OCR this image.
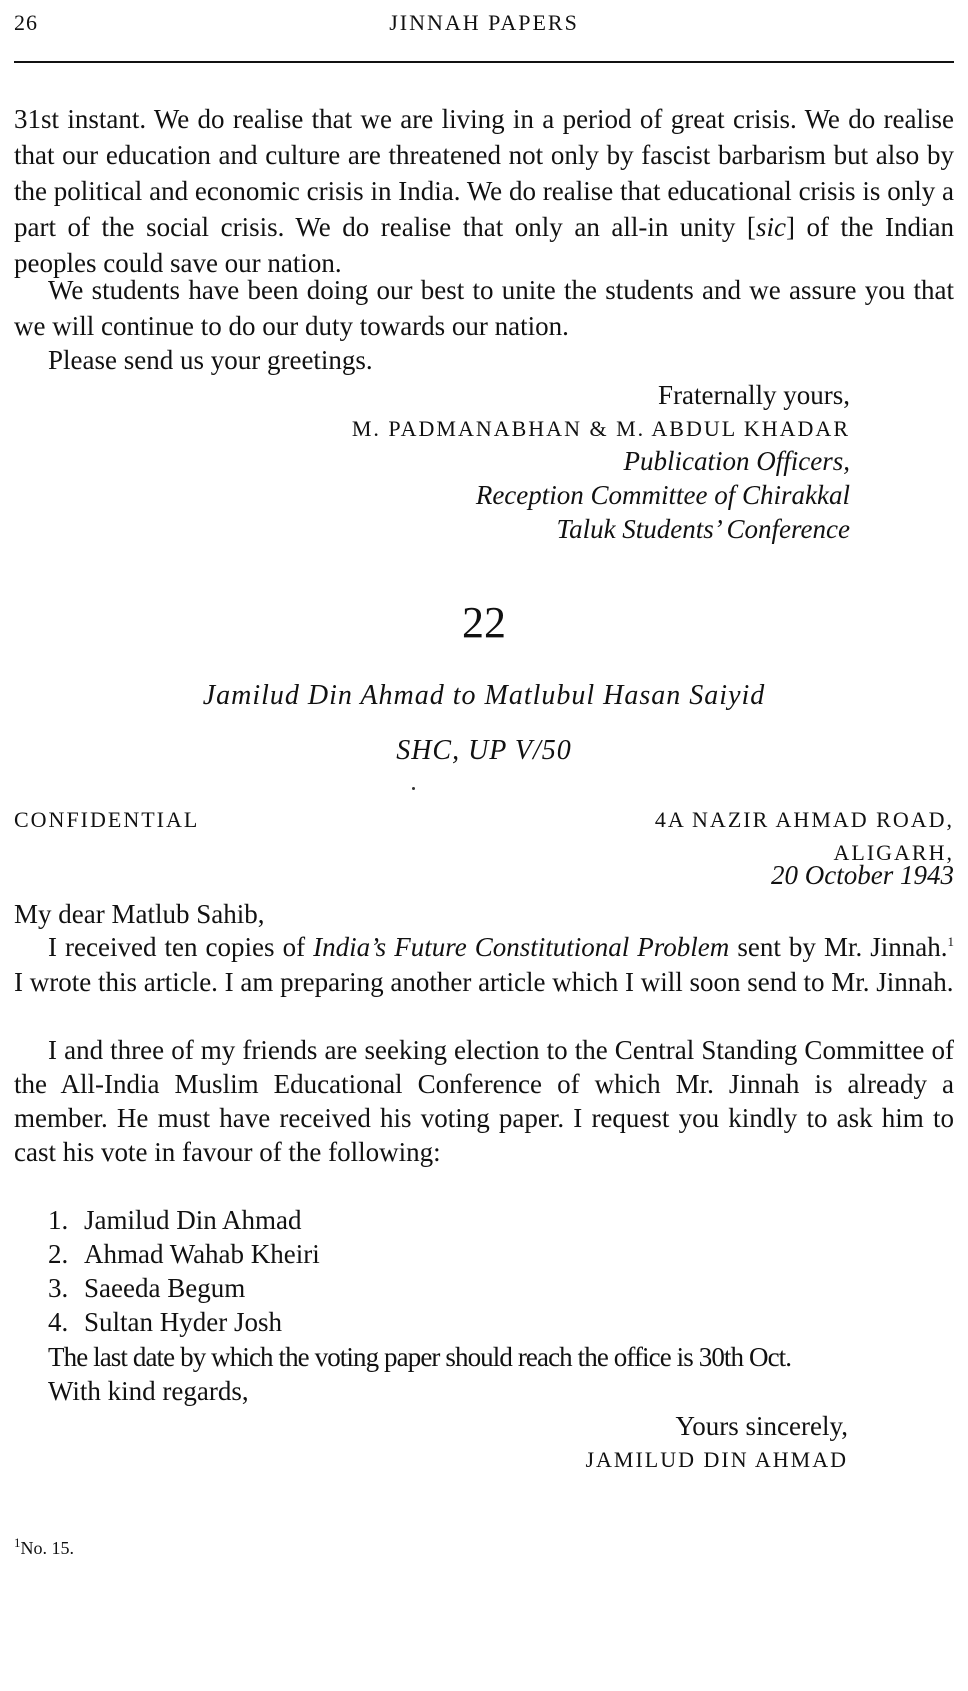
26	JINNAH PAPERS
31st instant. We do realise that we are living in a period of great crisis. We do realise that our education and culture are threatened not only by fascist barbarism but also by the political and economic crisis in India. We do realise that educational crisis is only a part of the social crisis. We do realise that only an all-in unity [sic] of the Indian peoples could save our nation.
We students have been doing our best to unite the students and we assure you that we will continue to do our duty towards our nation.
Please send us your greetings.
Fraternally yours,
M. PADMANABHAN & M. ABDUL KHADAR
Publication Officers,
Reception Committee of Chirakkal
Taluk Students’ Conference
22
Jamilud Din Ahmad to Matlubul Hasan Saiyid
SHC, UP V/50
CONFIDENTIAL	4A NAZIR AHMAD ROAD,
ALIGARH,
20 October 1943
My dear Matlub Sahib,
I received ten copies of India’s Future Constitutional Problem sent by Mr. Jinnah.$^1$ I wrote this article. I am preparing another article which I will soon send to Mr. Jinnah.
I and three of my friends are seeking election to the Central Standing Committee of the All-India Muslim Educational Conference of which Mr. Jinnah is already a member. He must have received his voting paper. I request you kindly to ask him to cast his vote in favour of the following:
1. Jamilud Din Ahmad
2. Ahmad Wahab Kheiri
3. Saeeda Begum
4. Sultan Hyder Josh
The last date by which the voting paper should reach the office is 30th Oct.
With kind regards,
Yours sincerely,
JAMILUD DIN AHMAD
$^1$No. 15.
